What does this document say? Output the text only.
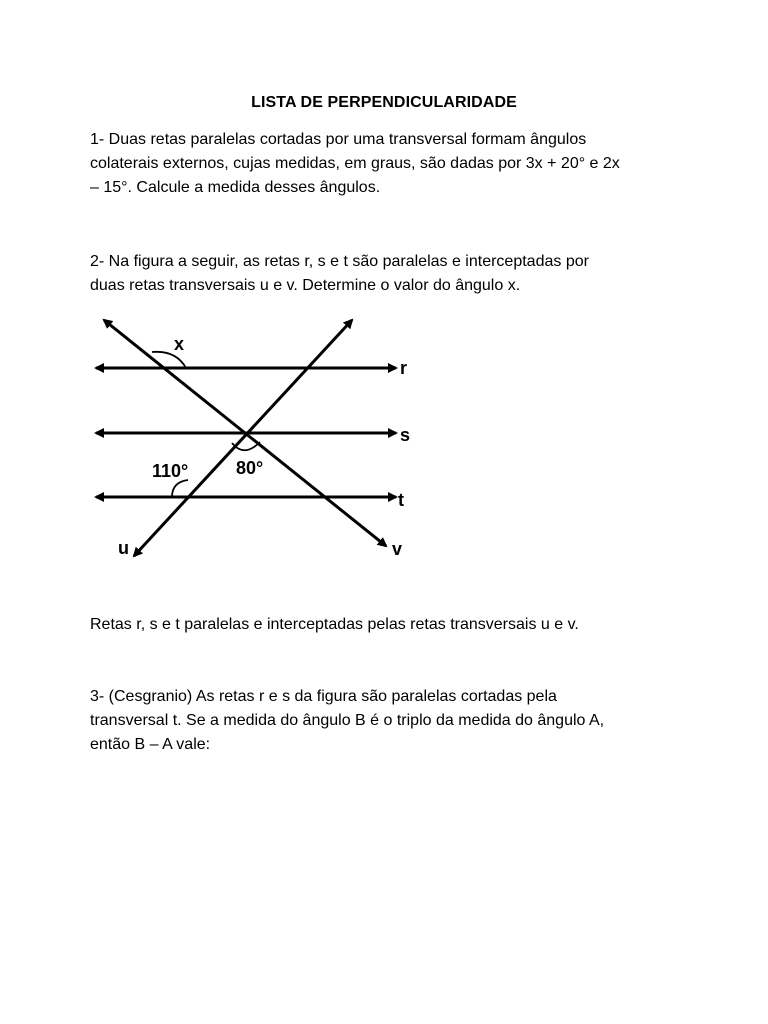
LISTA DE PERPENDICULARIDADE
1- Duas retas paralelas cortadas por uma transversal formam ângulos
colaterais externos, cujas medidas, em graus, são dadas por 3x + 20° e 2x
– 15°. Calcule a medida desses ângulos.
2- Na figura a seguir, as retas r, s e t são paralelas e interceptadas por
duas retas transversais u e v. Determine o valor do ângulo x.
r
s
t
u	v
x
110°	80°
Retas r, s e t paralelas e interceptadas pelas retas transversais u e v.
3- (Cesgranio) As retas r e s da figura são paralelas cortadas pela
transversal t. Se a medida do ângulo B é o triplo da medida do ângulo A,
então B – A vale:
